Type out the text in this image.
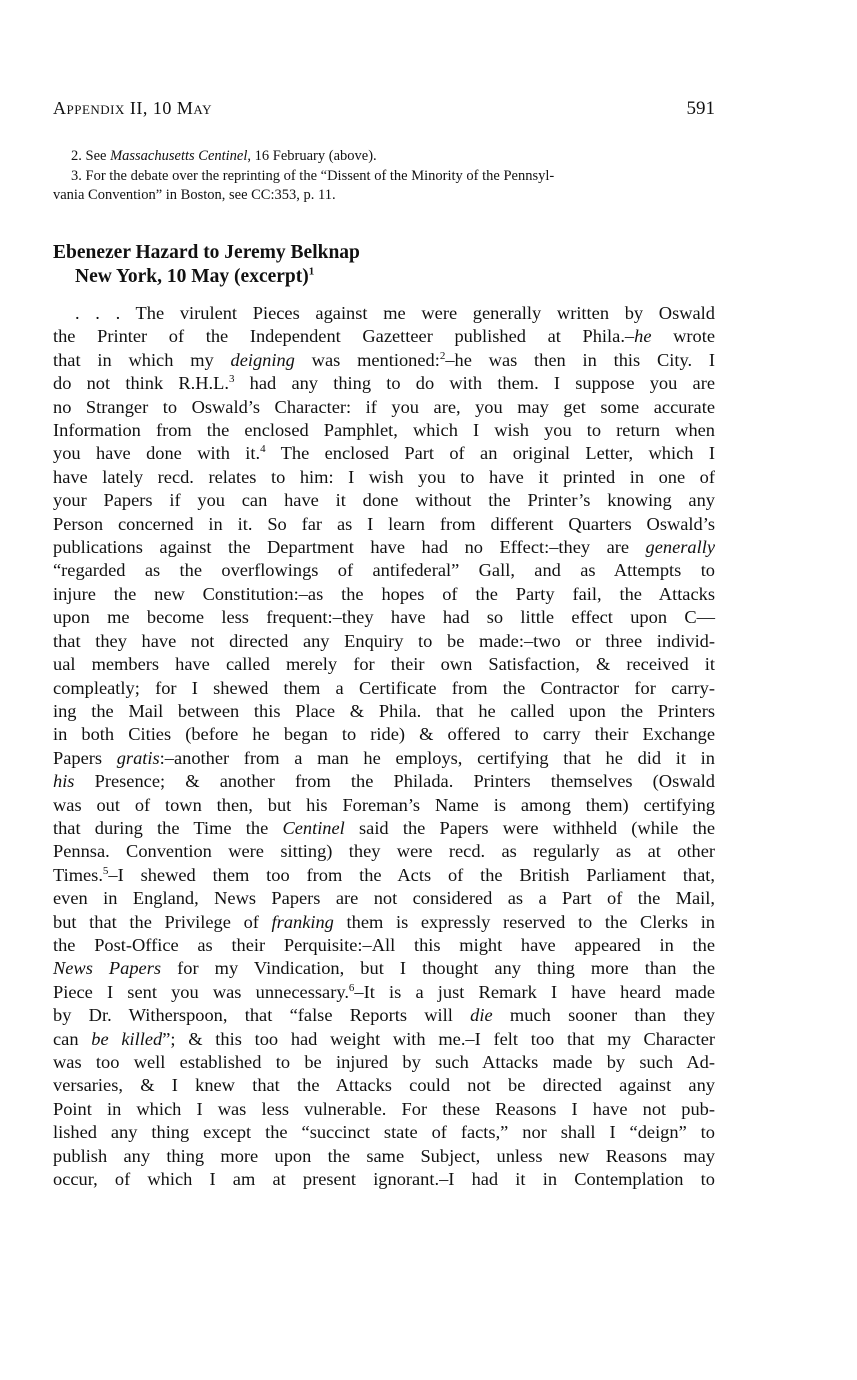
Appendix II, 10 May	591
2. See Massachusetts Centinel, 16 February (above).
3. For the debate over the reprinting of the “Dissent of the Minority of the Pennsyl-
vania Convention” in Boston, see CC:353, p. 11.
Ebenezer Hazard to Jeremy Belknap
New York, 10 May (excerpt)$^1$
. . . The virulent Pieces against me were generally written by Oswald
the Printer of the Independent Gazetteer published at Phila.–he wrote
that in which my deigning was mentioned:$^2$–he was then in this City. I
do not think R.H.L.$^3$ had any thing to do with them. I suppose you are
no Stranger to Oswald’s Character: if you are, you may get some accurate
Information from the enclosed Pamphlet, which I wish you to return when
you have done with it.$^4$ The enclosed Part of an original Letter, which I
have lately recd. relates to him: I wish you to have it printed in one of
your Papers if you can have it done without the Printer’s knowing any
Person concerned in it. So far as I learn from different Quarters Oswald’s
publications against the Department have had no Effect:–they are generally
“regarded as the overflowings of antifederal” Gall, and as Attempts to
injure the new Constitution:–as the hopes of the Party fail, the Attacks
upon me become less frequent:–they have had so little effect upon C—
that they have not directed any Enquiry to be made:–two or three individ-
ual members have called merely for their own Satisfaction, & received it
compleatly; for I shewed them a Certificate from the Contractor for carry-
ing the Mail between this Place & Phila. that he called upon the Printers
in both Cities (before he began to ride) & offered to carry their Exchange
Papers gratis:–another from a man he employs, certifying that he did it in
his Presence; & another from the Philada. Printers themselves (Oswald
was out of town then, but his Foreman’s Name is among them) certifying
that during the Time the Centinel said the Papers were withheld (while the
Pennsa. Convention were sitting) they were recd. as regularly as at other
Times.$^5$–I shewed them too from the Acts of the British Parliament that,
even in England, News Papers are not considered as a Part of the Mail,
but that the Privilege of franking them is expressly reserved to the Clerks in
the Post-Office as their Perquisite:–All this might have appeared in the
News Papers for my Vindication, but I thought any thing more than the
Piece I sent you was unnecessary.$^6$–It is a just Remark I have heard made
by Dr. Witherspoon, that “false Reports will die much sooner than they
can be killed”; & this too had weight with me.–I felt too that my Character
was too well established to be injured by such Attacks made by such Ad-
versaries, & I knew that the Attacks could not be directed against any
Point in which I was less vulnerable. For these Reasons I have not pub-
lished any thing except the “succinct state of facts,” nor shall I “deign” to
publish any thing more upon the same Subject, unless new Reasons may
occur, of which I am at present ignorant.–I had it in Contemplation to
